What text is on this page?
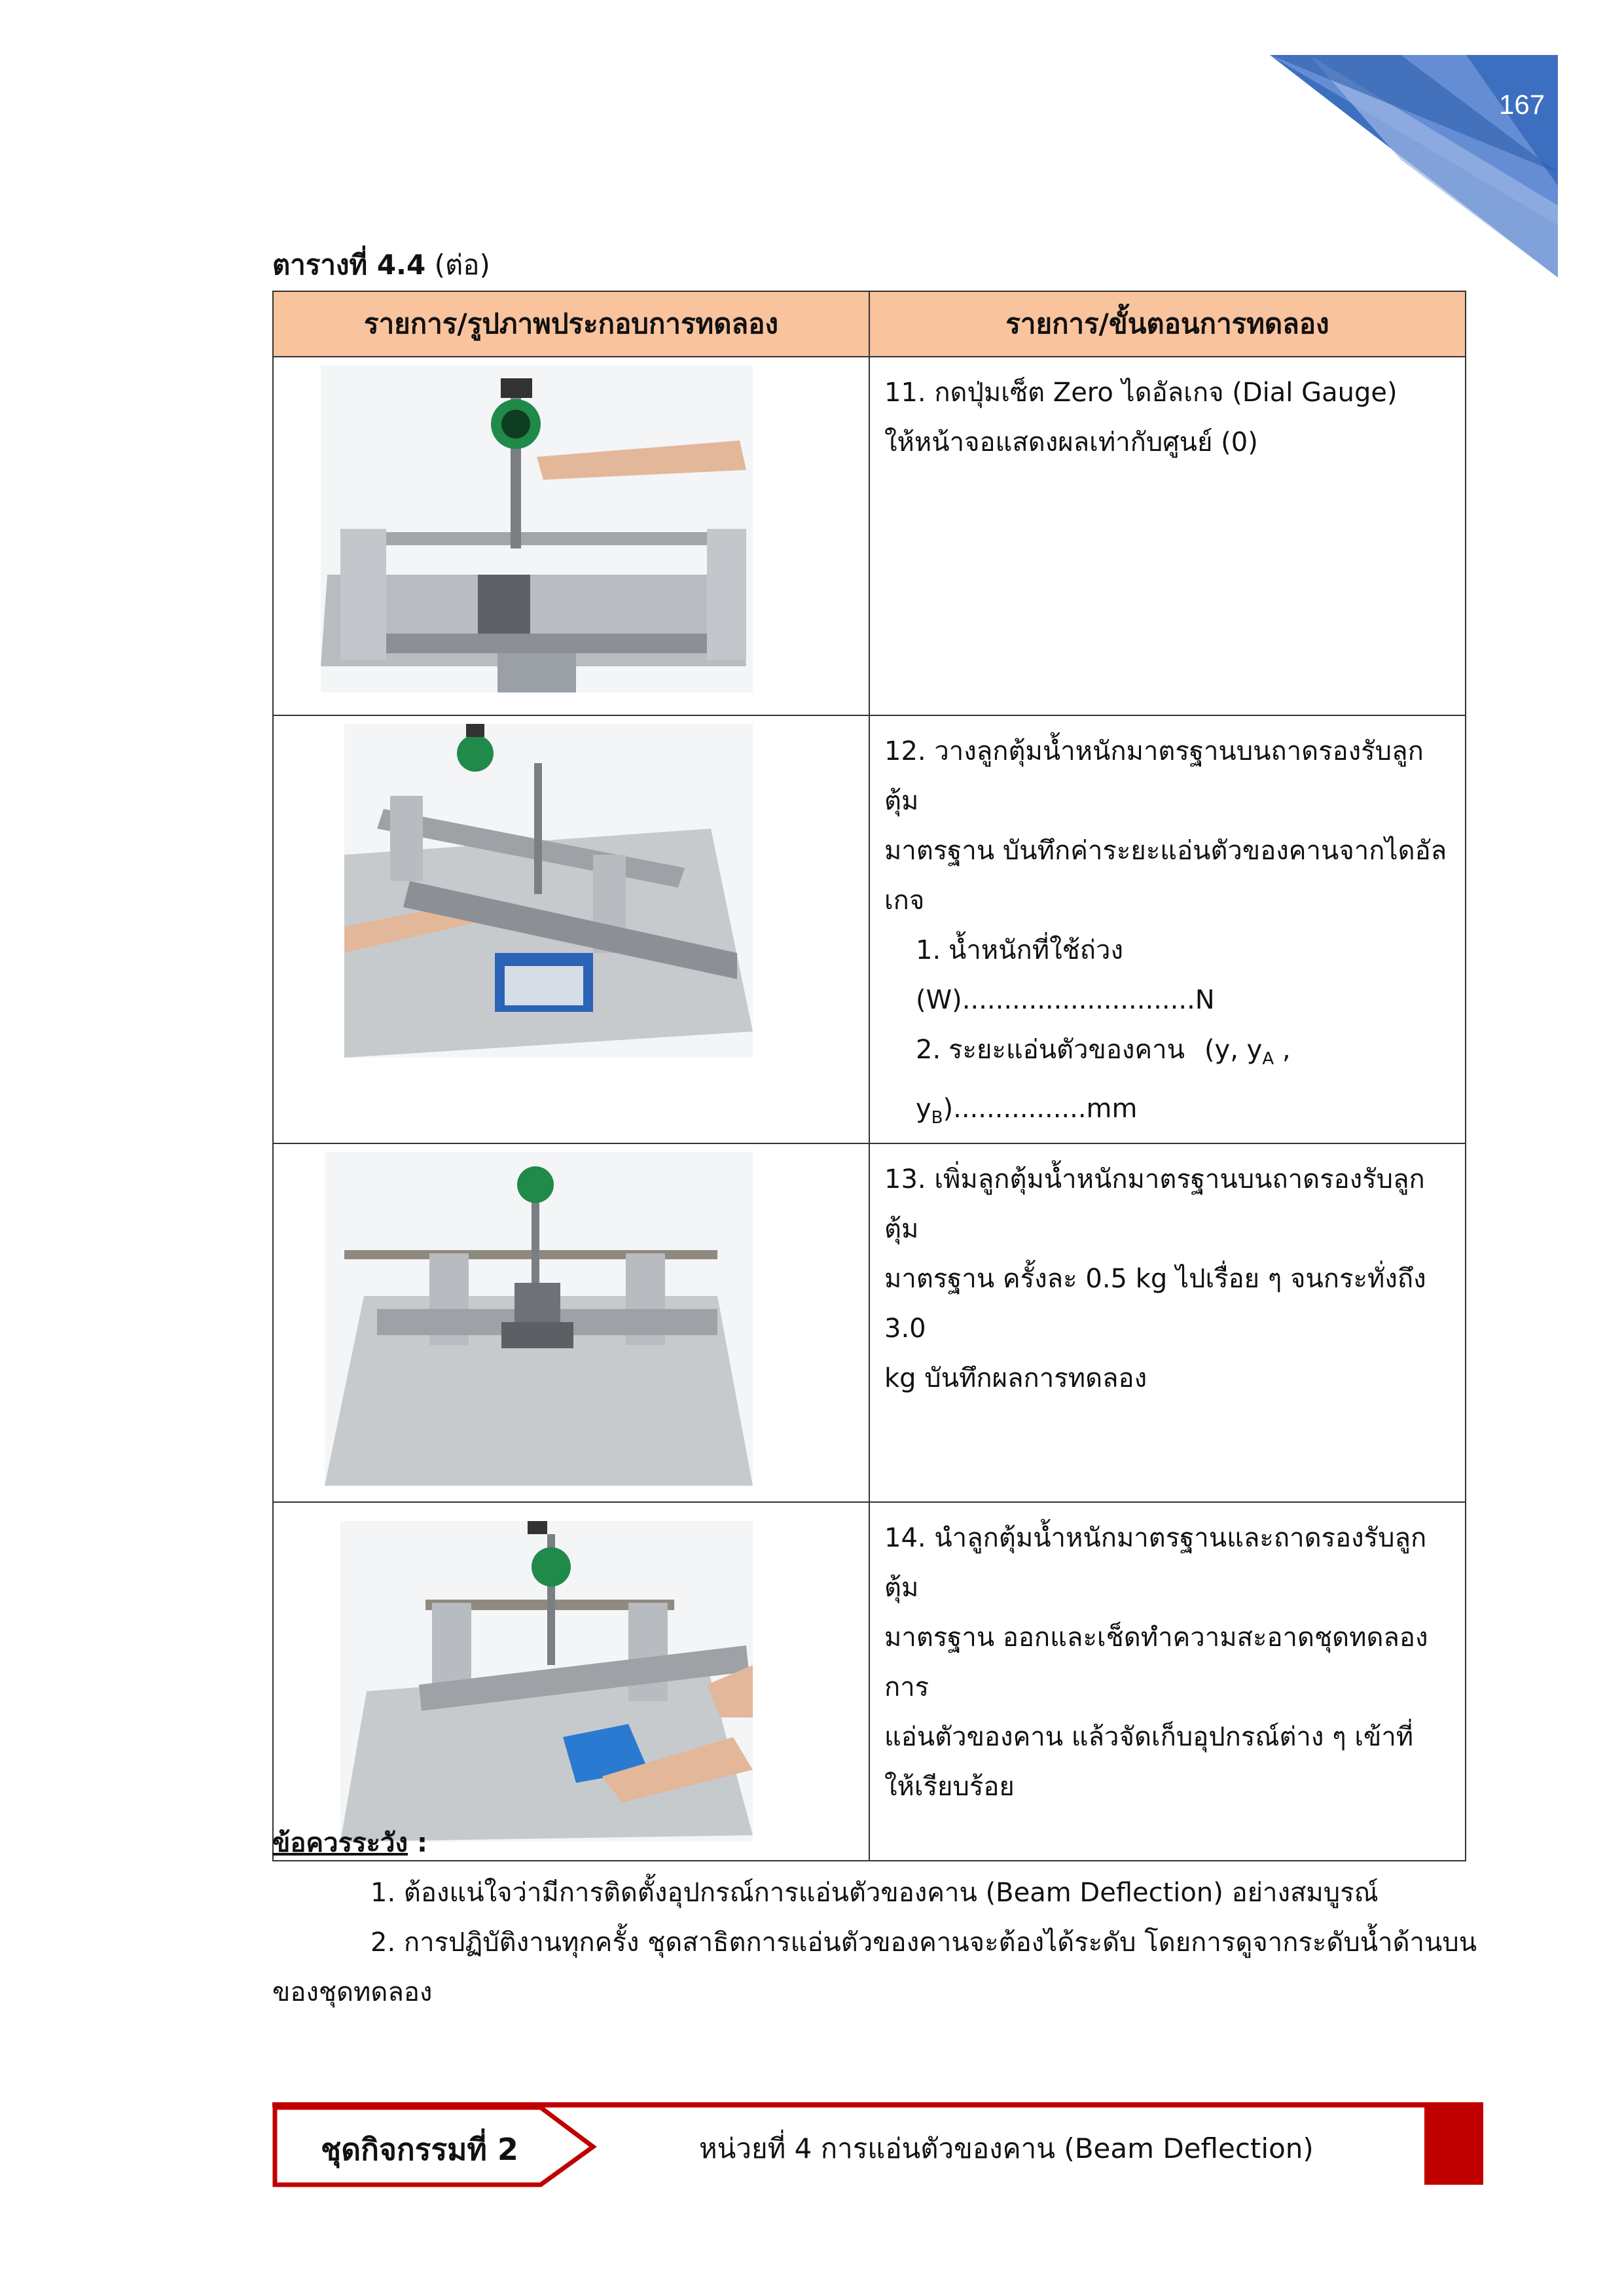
167
ตารางที่ 4.4 (ต่อ)
รายการ/รูปภาพประกอบการทดลอง	รายการ/ขั้นตอนการทดลอง

11. กดปุ่มเซ็ต Zero ไดอัลเกจ (Dial Gauge)
ให้หน้าจอแสดงผลเท่ากับศูนย์ (0)

12. วางลูกตุ้มน้ำหนักมาตรฐานบนถาดรองรับลูกตุ้ม
มาตรฐาน บันทึกค่าระยะแอ่นตัวของคานจากไดอัลเกจ
1. น้ำหนักที่ใช้ถ่วง(W)............................N
2. ระยะแอ่นตัวของคาน (y, $y_A$ , $y_B)................mm$

13. เพิ่มลูกตุ้มน้ำหนักมาตรฐานบนถาดรองรับลูกตุ้ม
มาตรฐาน ครั้งละ 0.5 kg ไปเรื่อย ๆ จนกระทั่งถึง 3.0
kg บันทึกผลการทดลอง

14. นำลูกตุ้มน้ำหนักมาตรฐานและถาดรองรับลูกตุ้ม
มาตรฐาน ออกและเช็ดทำความสะอาดชุดทดลองการ
แอ่นตัวของคาน แล้วจัดเก็บอุปกรณ์ต่าง ๆ เข้าที่
ให้เรียบร้อย
ข้อควรระวัง :
1. ต้องแน่ใจว่ามีการติดตั้งอุปกรณ์การแอ่นตัวของคาน (Beam Deflection) อย่างสมบูรณ์
2. การปฏิบัติงานทุกครั้ง ชุดสาธิตการแอ่นตัวของคานจะต้องได้ระดับ โดยการดูจากระดับน้ำด้านบนของชุดทดลอง
ชุดกิจกรรมที่ 2	หน่วยที่ 4 การแอ่นตัวของคาน (Beam Deflection)
